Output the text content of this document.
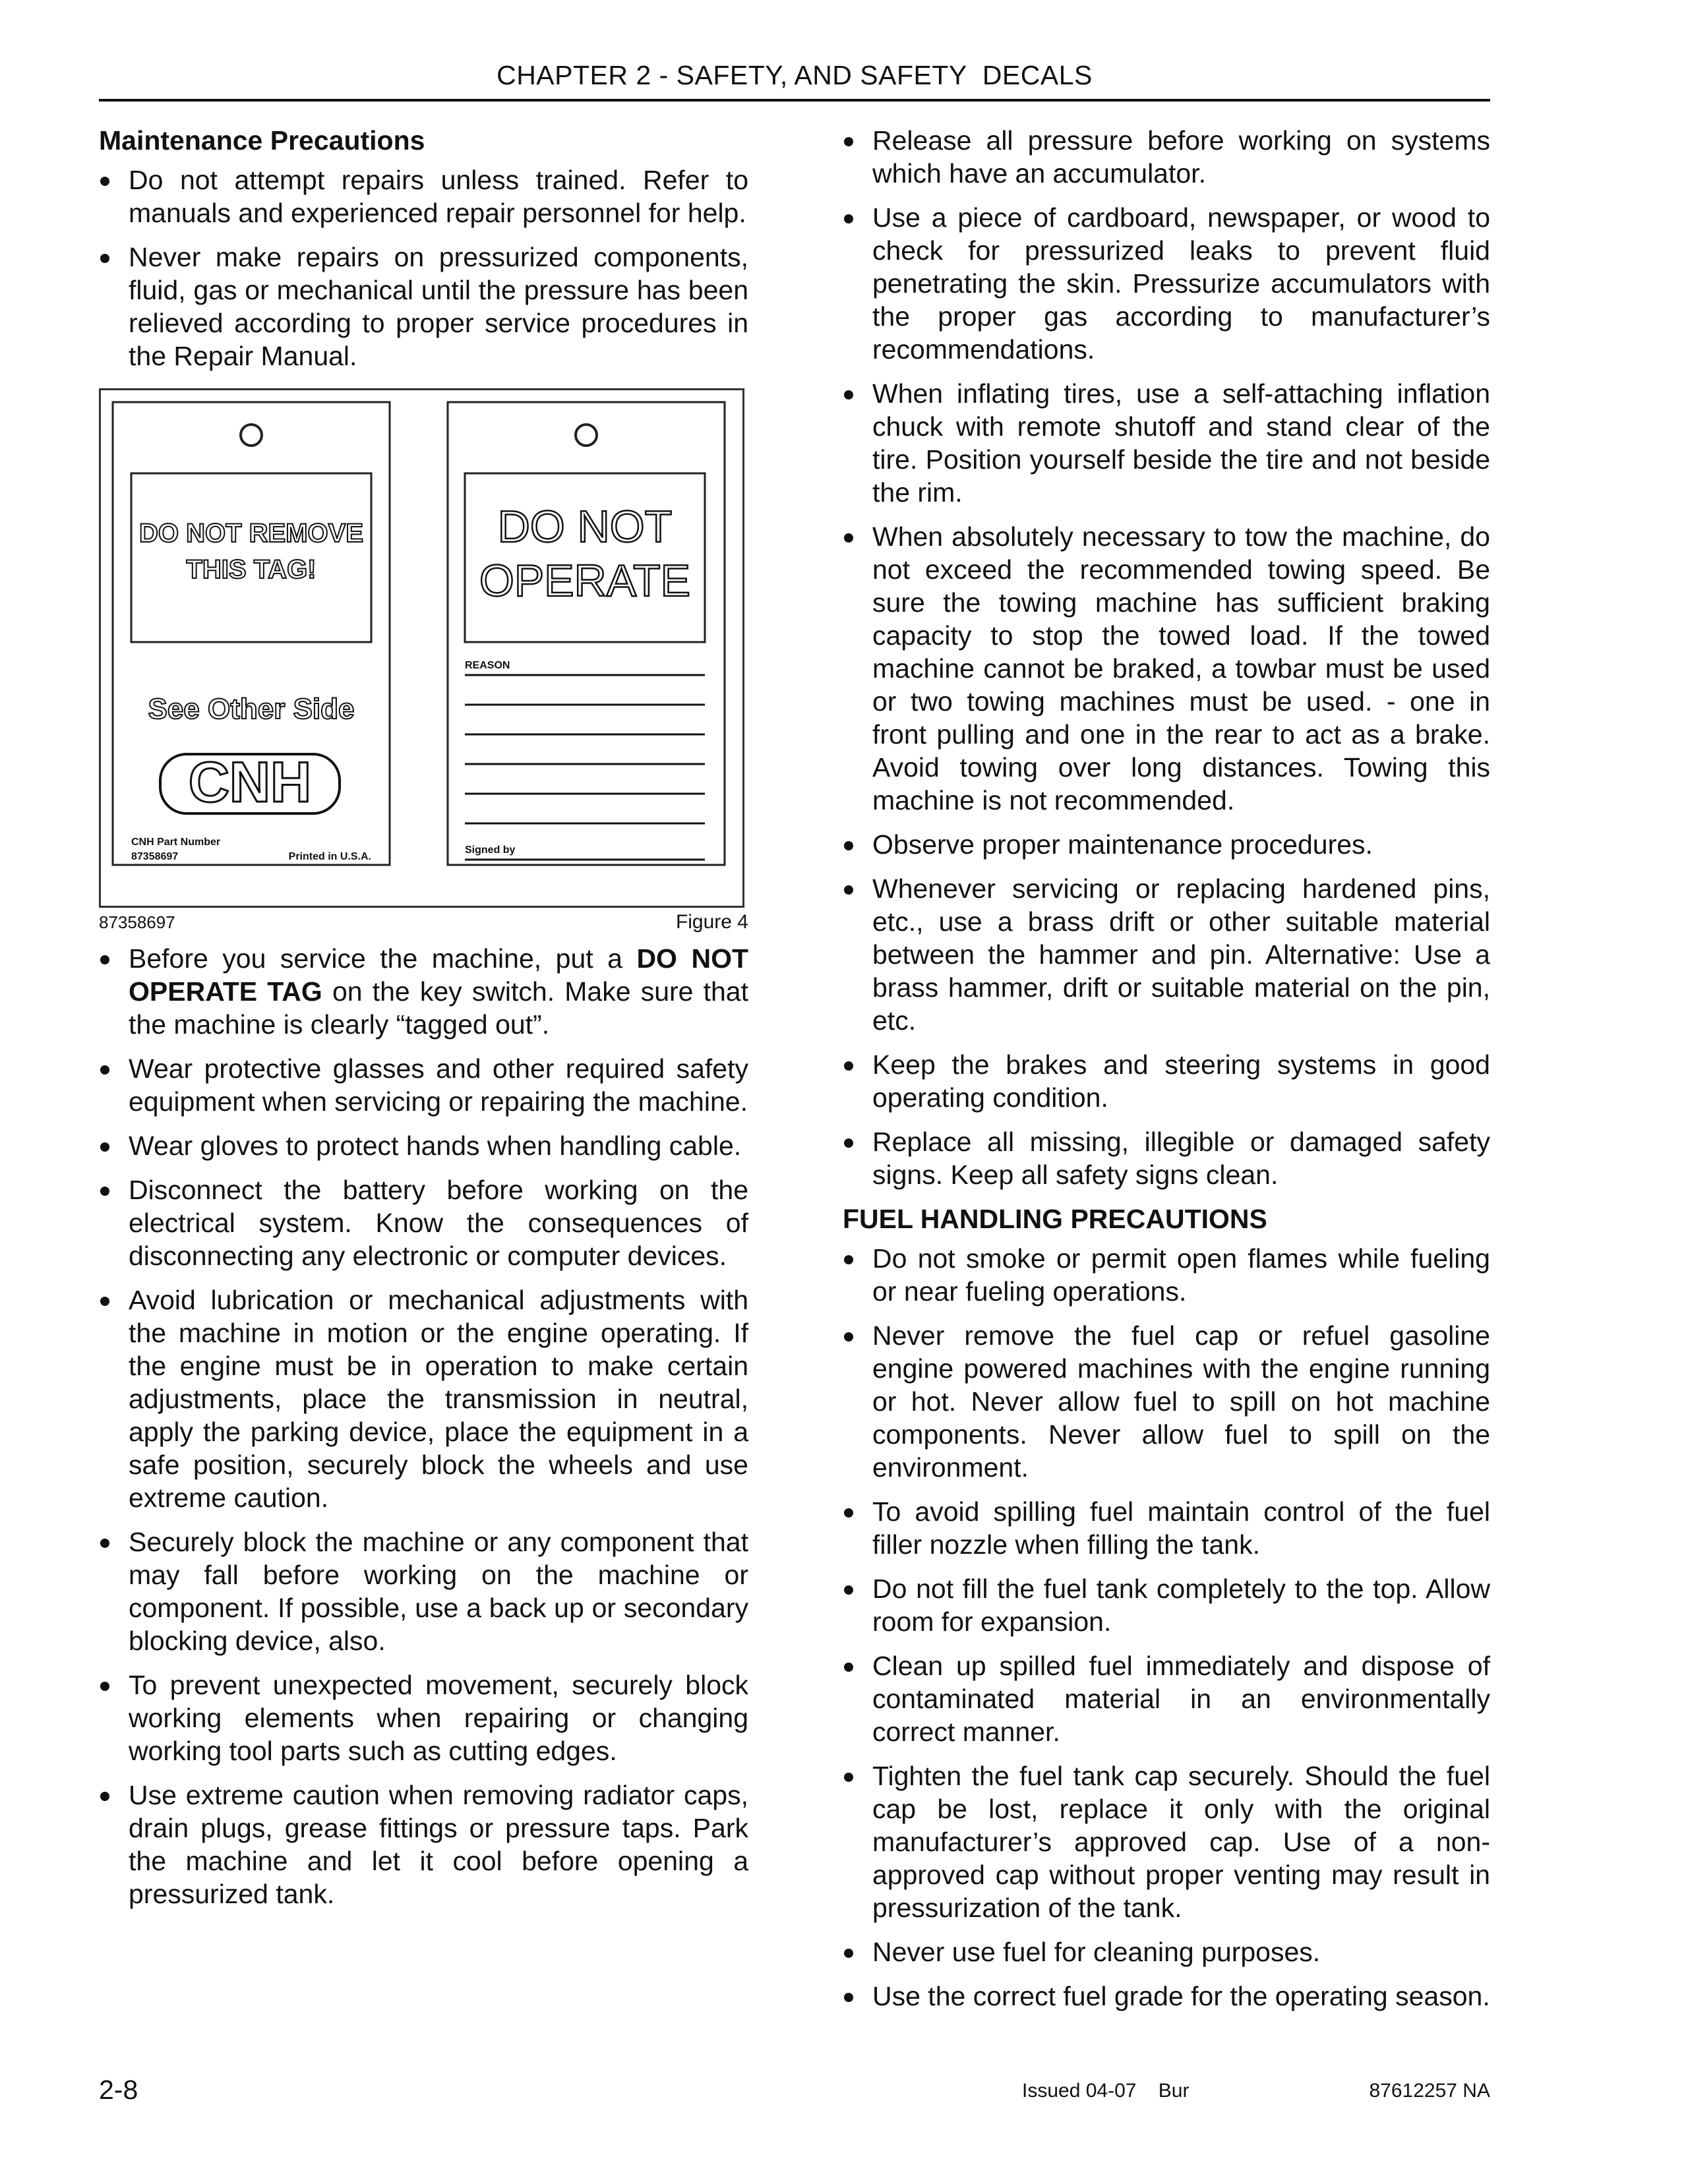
CHAPTER 2 - SAFETY, AND SAFETY  DECALS
Maintenance Precautions
Do not attempt repairs unless trained. Refer to manuals and experienced repair personnel for help.
Never make repairs on pressurized components, fluid, gas or mechanical until the pressure has been relieved according to proper service procedures in the Repair Manual.
DO NOT REMOVE
THIS TAG!
See Other Side
CNH
CNH Part Number
87358697	Printed in U.S.A.
DO NOT
OPERATE
REASON
Signed by
87358697	Figure 4
Before you service the machine, put a DO NOT OPERATE TAG on the key switch. Make sure that the machine is clearly “tagged out”.
Wear protective glasses and other required safety equipment when servicing or repairing the machine.
Wear gloves to protect hands when handling cable.
Disconnect the battery before working on the electrical system. Know the consequences of disconnecting any electronic or computer devices.
Avoid lubrication or mechanical adjustments with the machine in motion or the engine operating. If the engine must be in operation to make certain adjustments, place the transmission in neutral, apply the parking device, place the equipment in a safe position, securely block the wheels and use extreme caution.
Securely block the machine or any component that may fall before working on the machine or component. If possible, use a back up or secondary blocking device, also.
To prevent unexpected movement, securely block working elements when repairing or changing working tool parts such as cutting edges.
Use extreme caution when removing radiator caps, drain plugs, grease fittings or pressure taps. Park the machine and let it cool before opening a pressurized tank.
Release all pressure before working on systems which have an accumulator.
Use a piece of cardboard, newspaper, or wood to check for pressurized leaks to prevent fluid penetrating the skin. Pressurize accumulators with the proper gas according to manufacturer’s recommendations.
When inflating tires, use a self-attaching inflation chuck with remote shutoff and stand clear of the tire. Position yourself beside the tire and not beside the rim.
When absolutely necessary to tow the machine, do not exceed the recommended towing speed. Be sure the towing machine has sufficient braking capacity to stop the towed load. If the towed machine cannot be braked, a towbar must be used or two towing machines must be used. - one in front pulling and one in the rear to act as a brake. Avoid towing over long distances. Towing this machine is not recommended.
Observe proper maintenance procedures.
Whenever servicing or replacing hardened pins, etc., use a brass drift or other suitable material between the hammer and pin. Alternative: Use a brass hammer, drift or suitable material on the pin, etc.
Keep the brakes and steering systems in good operating condition.
Replace all missing, illegible or damaged safety signs. Keep all safety signs clean.
FUEL HANDLING PRECAUTIONS
Do not smoke or permit open flames while fueling or near fueling operations.
Never remove the fuel cap or refuel gasoline engine powered machines with the engine running or hot. Never allow fuel to spill on hot machine components. Never allow fuel to spill on the environment.
To avoid spilling fuel maintain control of the fuel filler nozzle when filling the tank.
Do not fill the fuel tank completely to the top. Allow room for expansion.
Clean up spilled fuel immediately and dispose of contaminated material in an environmentally correct manner.
Tighten the fuel tank cap securely. Should the fuel cap be lost, replace it only with the original manufacturer’s approved cap. Use of a non-approved cap without proper venting may result in pressurization of the tank.
Never use fuel for cleaning purposes.
Use the correct fuel grade for the operating season.
2-8	Issued 04-07    Bur	87612257 NA
